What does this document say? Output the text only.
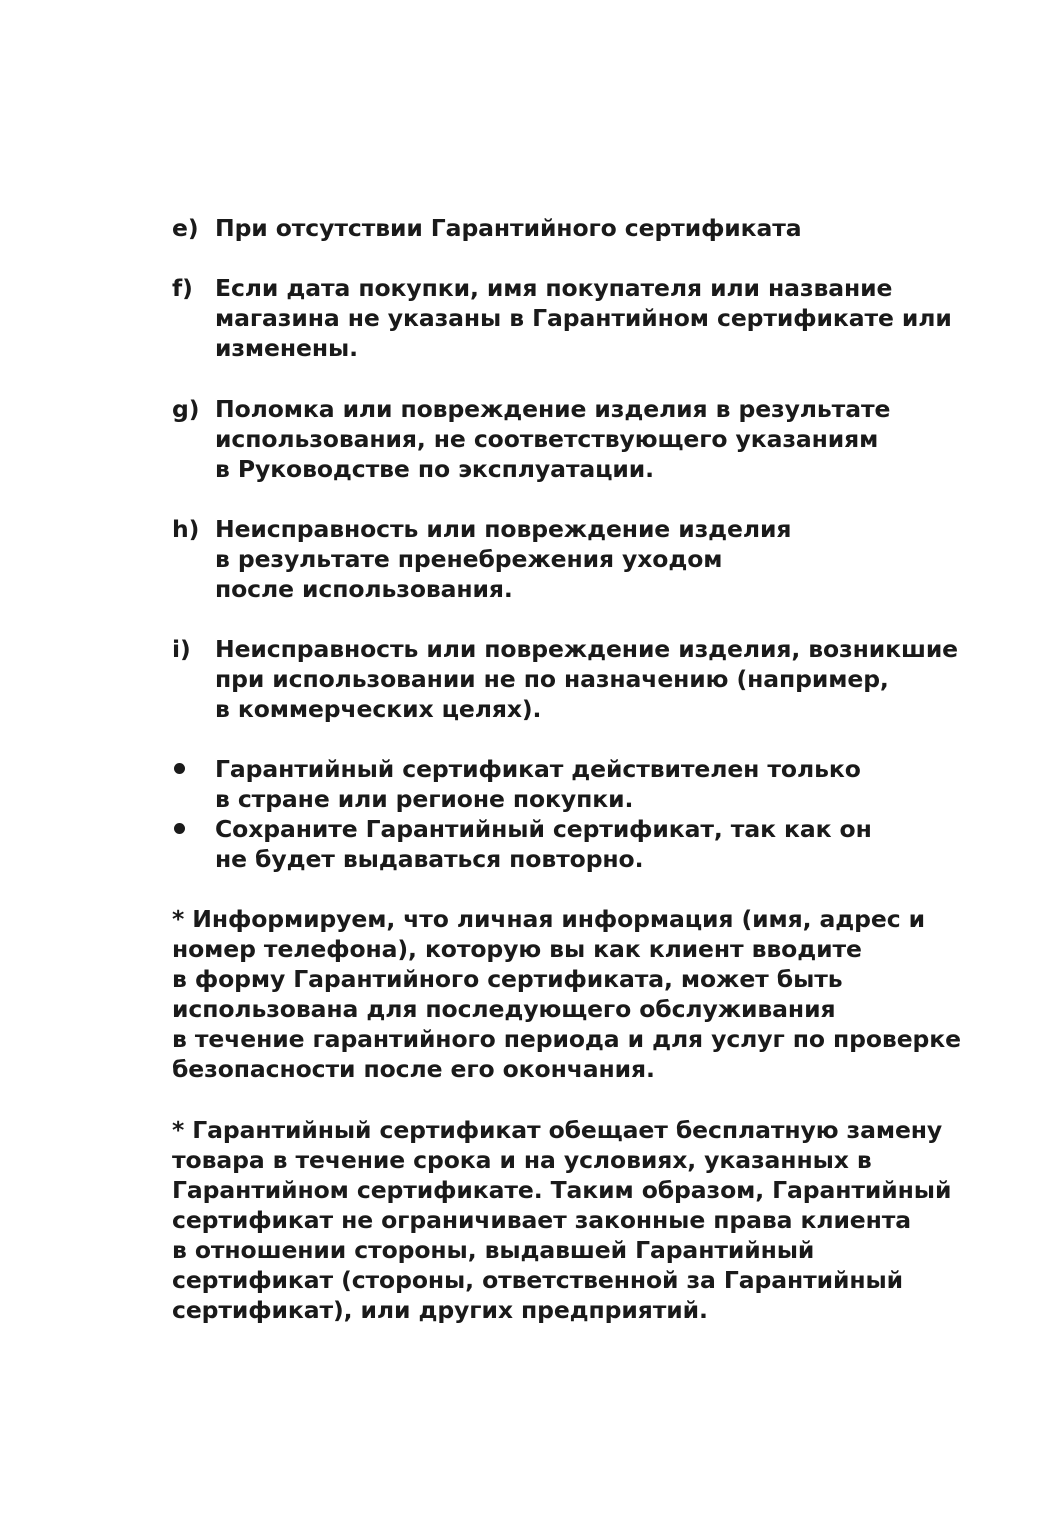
e) При отсутствии Гарантийного сертификата
f) Если дата покупки, имя покупателя или название
магазина не указаны в Гарантийном сертификате или
изменены.
g) Поломка или повреждение изделия в результате
использования, не соответствующего указаниям
в Руководстве по эксплуатации.
h) Неисправность или повреждение изделия
в результате пренебрежения уходом
после использования.
i) Неисправность или повреждение изделия, возникшие
при использовании не по назначению (например,
в коммерческих целях).
Гарантийный сертификат действителен только
в стране или регионе покупки.
Сохраните Гарантийный сертификат, так как он
не будет выдаваться повторно.
* Информируем, что личная информация (имя, адрес и
номер телефона), которую вы как клиент вводите
в форму Гарантийного сертификата, может быть
использована для последующего обслуживания
в течение гарантийного периода и для услуг по проверке
безопасности после его окончания.
* Гарантийный сертификат обещает бесплатную замену
товара в течение срока и на условиях, указанных в
Гарантийном сертификате. Таким образом, Гарантийный
сертификат не ограничивает законные права клиента
в отношении стороны, выдавшей Гарантийный
сертификат (стороны, ответственной за Гарантийный
сертификат), или других предприятий.
